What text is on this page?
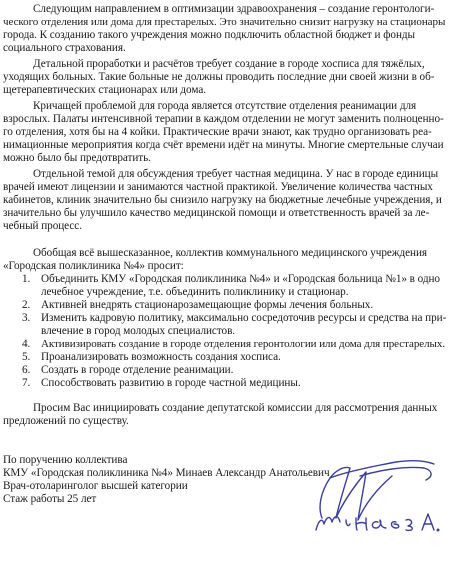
Следующим направлением в оптимизации здравоохранения – создание геронтологи-
ческого отделения или дома для престарелых. Это значительно снизит нагрузку на стационары
города. К созданию такого учреждения можно подключить областной бюджет и фонды
социального страхования.
Детальной проработки и расчётов требует создание в городе хосписа для тяжёлых,
уходящих больных. Такие больные не должны проводить последние дни своей жизни в об-
щетерапевтических стационарах или дома.
Кричащей проблемой для города является отсутствие отделения реанимации для
взрослых. Палаты интенсивной терапии в каждом отделении не могут заменить полноценно-
го отделения, хотя бы на 4 койки. Практические врачи знают, как трудно организовать реа-
нимационные мероприятия когда счёт времени идёт на минуты. Многие смертельные случаи
можно было бы предотвратить.
Отдельной темой для обсуждения требует частная медицина. У нас в городе единицы
врачей имеют лицензии и занимаются частной практикой. Увеличение количества частных
кабинетов, клиник значительно бы снизило нагрузку на бюджетные лечебные учреждения, и
значительно бы улучшило качество медицинской помощи и ответственность врачей за ле-
чебный процесс.
Обобщая всё вышесказанное, коллектив коммунального медицинского учреждения
«Городская поликлиника №4» просит:
1. Объединить КМУ «Городская поликлиника №4» и «Городская больница №1» в одно
лечебное учреждение, т.е. объединить поликлинику и стационар.
2. Активней внедрять стационарозамещающие формы лечения больных.
3. Изменить кадровую политику, максимально сосредоточив ресурсы и средства на при-
влечение в город молодых специалистов.
4. Активизировать создание в городе отделения геронтологии или дома для престарелых.
5. Проанализировать возможность создания хосписа.
6. Создать в городе отделение реанимации.
7. Способствовать развитию в городе частной медицины.
Просим Вас инициировать создание депутатской комиссии для рассмотрения данных
предложений по существу.
По поручению коллектива
КМУ «Городская поликлиника №4» Минаев Александр Анатольевич
Врач-отоларинголог высшей категории
Стаж работы 25 лет
